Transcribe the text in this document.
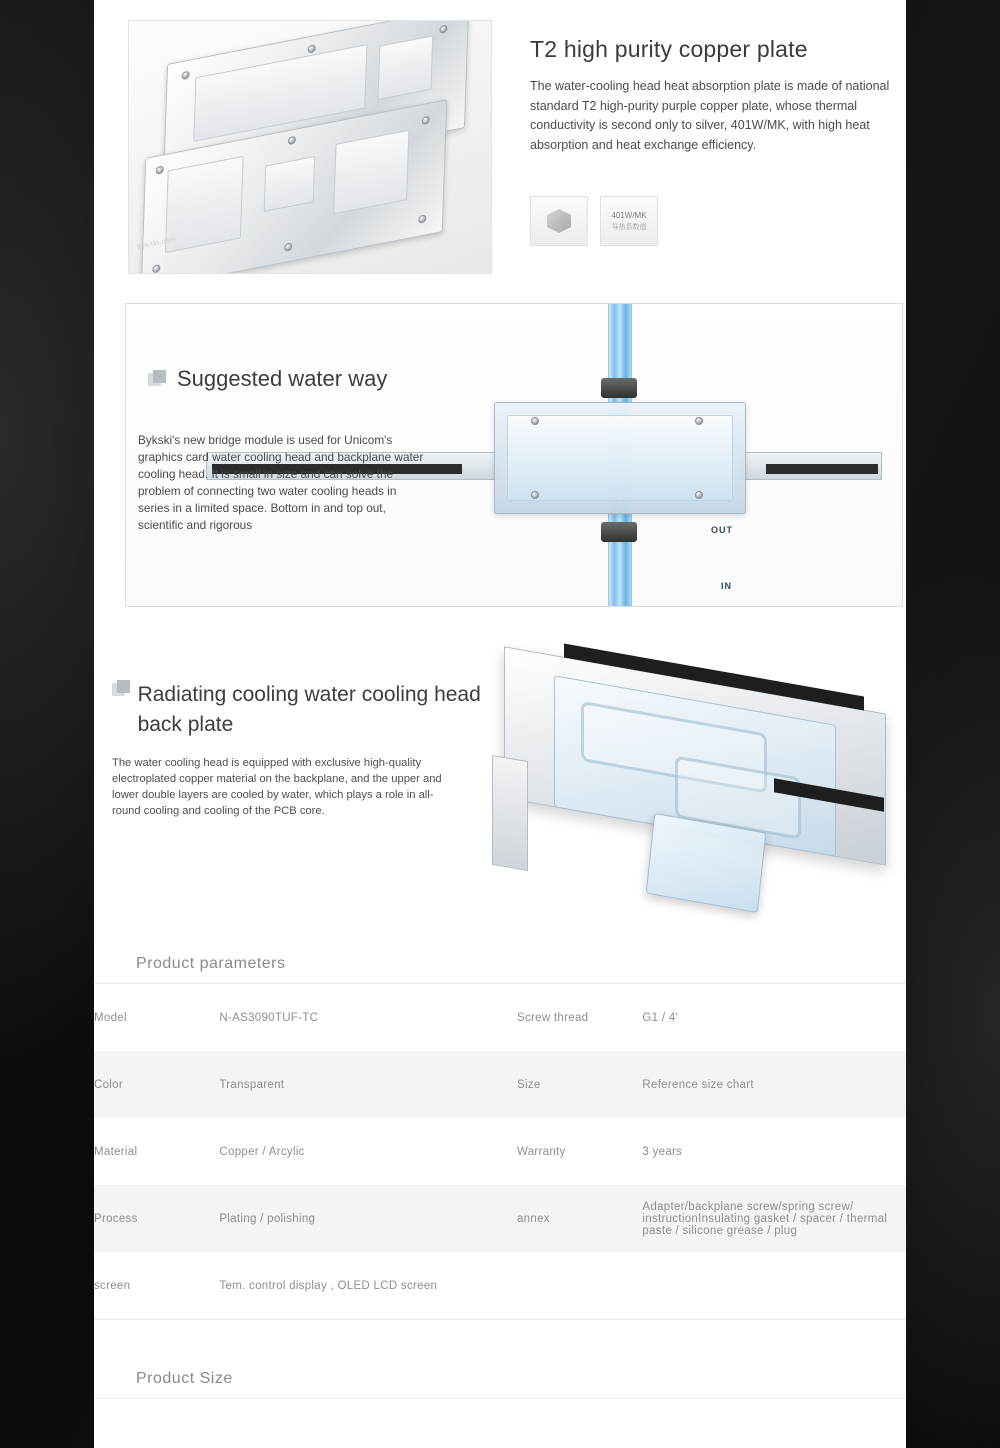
bykski.com
T2 high purity copper plate

The water-cooling head heat absorption plate is made of national standard T2 high-purity purple copper plate, whose thermal conductivity is second only to silver, 401W/MK, with high heat absorption and heat exchange efficiency.

401W/MK
导热系数值
OUT
IN
Suggested water way
Bykski's new bridge module is used for Unicom's graphics card water cooling head and backplane water cooling head. It is small in size and can solve the problem of connecting two water cooling heads in series in a limited space. Bottom in and top out, scientific and rigorous
Radiating cooling water cooling head back plate
The water cooling head is equipped with exclusive high-quality electroplated copper material on the backplane, and the upper and lower double layers are cooled by water, which plays a role in all-round cooling and cooling of the PCB core.
Product parameters
Model	N-AS3090TUF-TC	Screw thread	G1 / 4'
Color	Transparent	Size	Reference size chart
Material	Copper / Arcylic	Warranty	3 years
Process	Plating / polishing	annex	Adapter/backplane screw/spring screw/ instructionInsulating gasket / spacer / thermal paste / silicone grease / plug
screen	Tem. control display , OLED LCD screen		
Product Size
